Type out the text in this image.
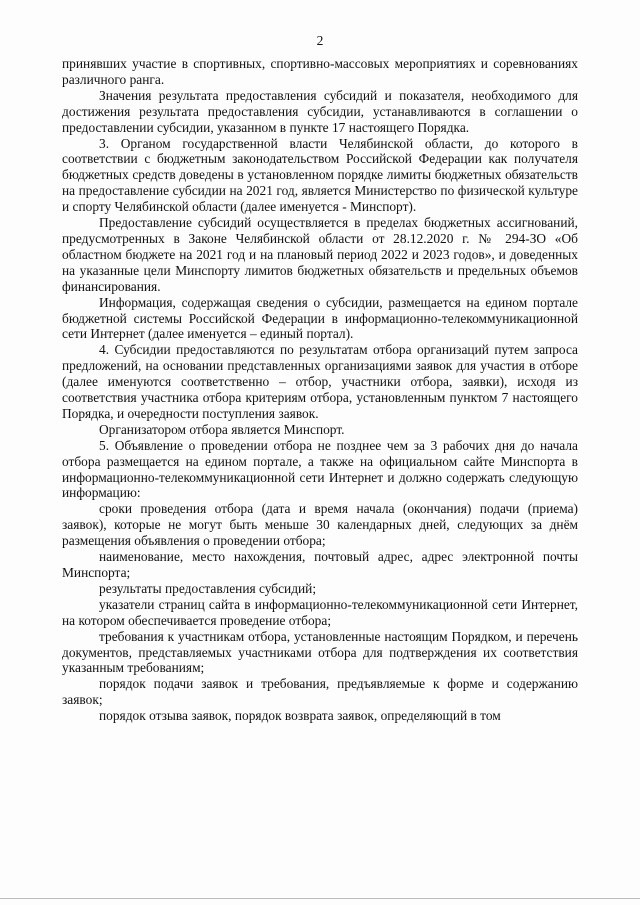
2

принявших участие в спортивных, спортивно-массовых мероприятиях и соревнованиях различного ранга.

Значения результата предоставления субсидий и показателя, необходимого для достижения результата предоставления субсидии, устанавливаются в соглашении о предоставлении субсидии, указанном в пункте 17 настоящего Порядка.

3. Органом государственной власти Челябинской области, до которого в соответствии с бюджетным законодательством Российской Федерации как получателя бюджетных средств доведены в установленном порядке лимиты бюджетных обязательств на предоставление субсидии на 2021 год, является Министерство по физической культуре и спорту Челябинской области (далее именуется - Минспорт).

Предоставление субсидий осуществляется в пределах бюджетных ассигнований, предусмотренных в Законе Челябинской области от 28.12.2020 г. № 294-ЗО «Об областном бюджете на 2021 год и на плановый период 2022 и 2023 годов», и доведенных на указанные цели Минспорту лимитов бюджетных обязательств и предельных объемов финансирования.

Информация, содержащая сведения о субсидии, размещается на едином портале бюджетной системы Российской Федерации в информационно-телекоммуникационной сети Интернет (далее именуется – единый портал).

4. Субсидии предоставляются по результатам отбора организаций путем запроса предложений, на основании представленных организациями заявок для участия в отборе (далее именуются соответственно – отбор, участники отбора, заявки), исходя из соответствия участника отбора критериям отбора, установленным пунктом 7 настоящего Порядка, и очередности поступления заявок.

Организатором отбора является Минспорт.

5. Объявление о проведении отбора не позднее чем за 3 рабочих дня до начала отбора размещается на едином портале, а также на официальном сайте Минспорта в информационно-телекоммуникационной сети Интернет и должно содержать следующую информацию:

сроки проведения отбора (дата и время начала (окончания) подачи (приема) заявок), которые не могут быть меньше 30 календарных дней, следующих за днём размещения объявления о проведении отбора;

наименование, место нахождения, почтовый адрес, адрес электронной почты Минспорта;

результаты предоставления субсидий;

указатели страниц сайта в информационно-телекоммуникационной сети Интернет, на котором обеспечивается проведение отбора;

требования к участникам отбора, установленные настоящим Порядком, и перечень документов, представляемых участниками отбора для подтверждения их соответствия указанным требованиям;

порядок подачи заявок и требования, предъявляемые к форме и содержанию заявок;

порядок отзыва заявок, порядок возврата заявок, определяющий в том
